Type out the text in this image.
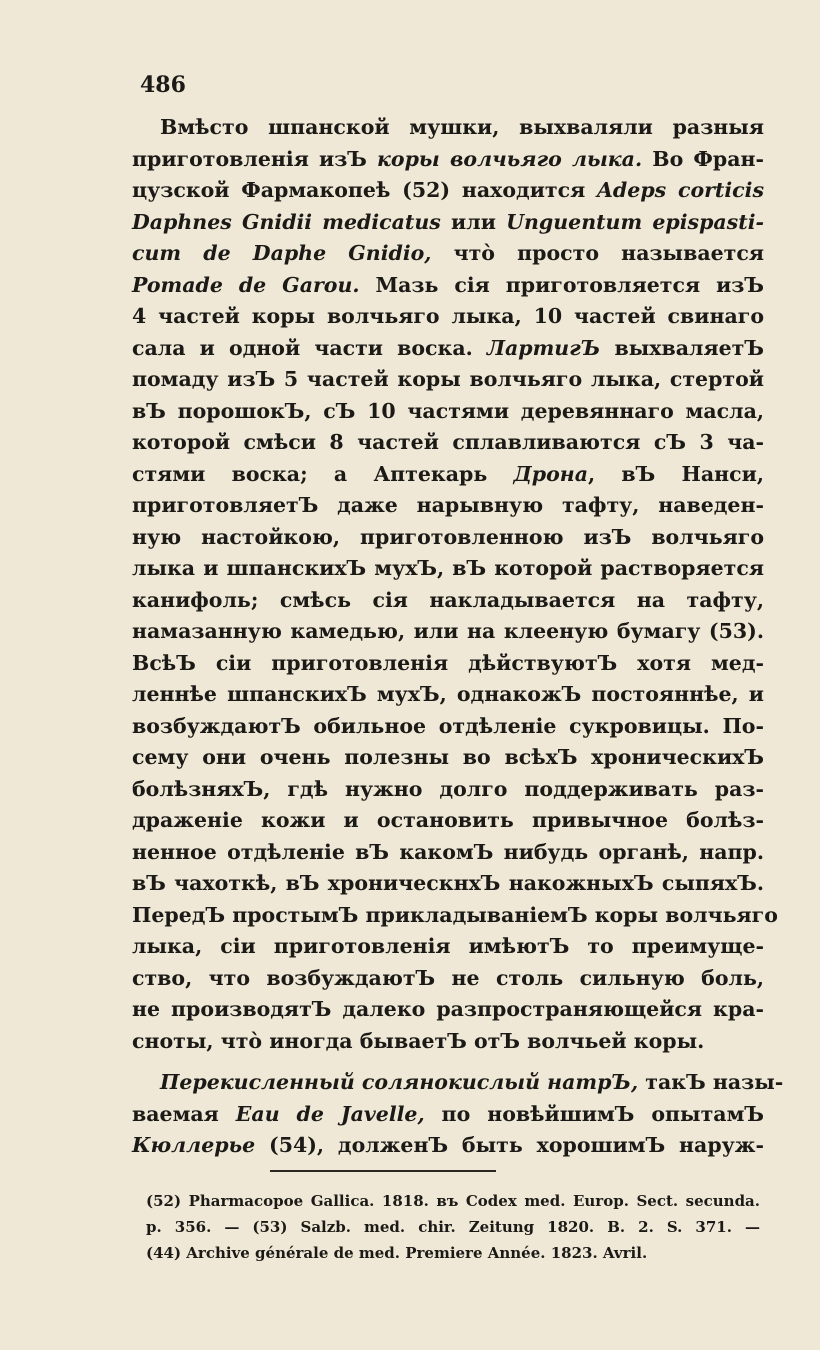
486
Вмѣсто шпанской мушки, выхваляли разныя
приготовленія изЪ коры волчьяго лыка. Во Фран-
цузской Фармакопеѣ (52) находится Adeps corticis
Daphnes Gnidii medicatus или Unguentum epispasti-
cum de Daphe Gnidio, чтò просто называется
Pomade de Garou. Мазь сія приготовляется изЪ
4 частей коры волчьяго лыка, 10 частей свинаго
сала и одной части воска. ЛартигЪ выхваляетЪ
помаду изЪ 5 частей коры волчьяго лыка, стертой
вЪ порошокЪ, сЪ 10 частями деревяннаго масла,
которой смѣси 8 частей сплавливаются сЪ 3 ча-
стями воска; а Аптекарь Дрона, вЪ Нанси,
приготовляетЪ даже нарывную тафту, наведен-
ную настойкою, приготовленною изЪ волчьяго
лыка и шпанскихЪ мухЪ, вЪ которой растворяется
канифоль; смѣсь сія накладывается на тафту,
намазанную камедью, или на клееную бумагу (53).
ВсѣЪ сіи приготовленія дѣйствуютЪ хотя мед-
леннѣе шпанскихЪ мухЪ, однакожЪ постояннѣе, и
возбуждаютЪ обильное отдѣленіе сукровицы. По-
сему они очень полезны во всѣхЪ хроническихЪ
болѣзняхЪ, гдѣ нужно долго поддерживать раз-
драженіе кожи и остановить привычное болѣз-
ненное отдѣленіе вЪ какомЪ нибудь органѣ, напр.
вЪ чахоткѣ, вЪ хроническнхЪ накожныхЪ сыпяхЪ.
ПередЪ простымЪ прикладываніемЪ коры волчьяго
лыка, сіи приготовленія имѣютЪ то преимуще-
ство, что возбуждаютЪ не столь сильную боль,
не производятЪ далеко разпространяющейся кра-
сноты, чтò иногда бываетЪ отЪ волчьей коры.
Перекисленный солянокислый натрЪ, такЪ назы-
ваемая Eau de Javelle, по новѣйшимЪ опытамЪ
Кюллерье (54), долженЪ быть хорошимЪ наруж-
(52) Pharmacopoe Gallica. 1818. въ Codex med. Europ. Sect. secunda.
p. 356. — (53) Salzb. med. chir. Zeitung 1820. B. 2. S. 371. —
(44) Archive générale de med. Premiere Année. 1823. Avril.
